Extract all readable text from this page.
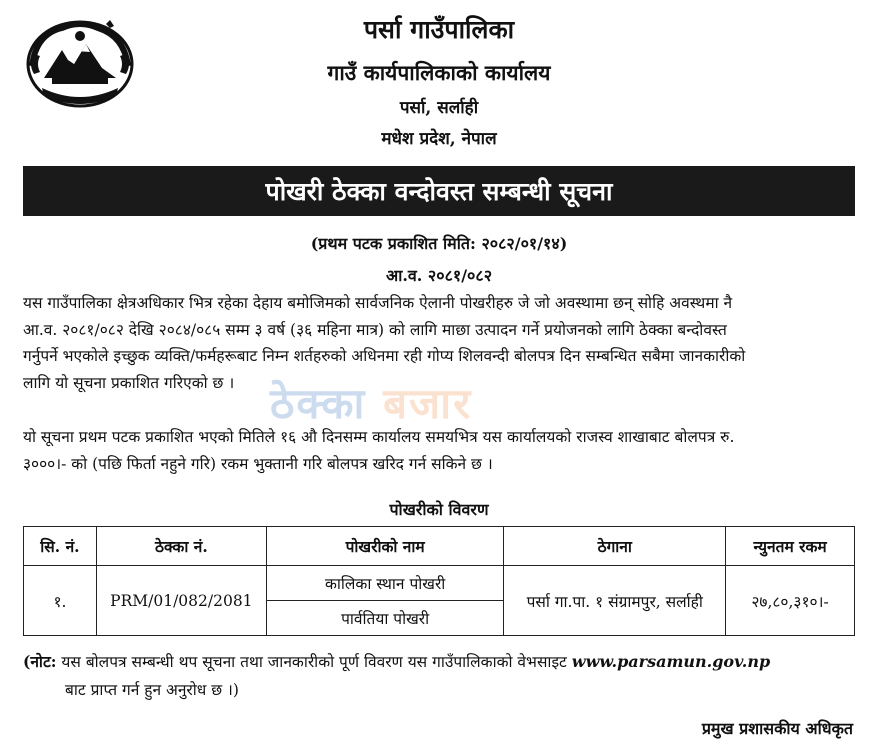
पर्सा गाउँपालिका
गाउँ कार्यपालिकाको कार्यालय
पर्सा, सर्लाही
मधेश प्रदेश, नेपाल
पोखरी ठेक्का वन्दोवस्त सम्बन्धी सूचना
(प्रथम पटक प्रकाशित मिति: २०८२/०१/१४)
आ.व. २०८१/०८२
यस गाउँपालिका क्षेत्रअधिकार भित्र रहेका देहाय बमोजिमको सार्वजनिक ऐलानी पोखरीहरु जे जो अवस्थामा छन् सोहि अवस्थमा नै
आ.व. २०८१/०८२ देखि २०८४/०८५ सम्म ३ वर्ष (३६ महिना मात्र) को लागि माछा उत्पादन गर्ने प्रयोजनको लागि ठेक्का बन्दोवस्त
गर्नुपर्ने भएकोले इच्छुक व्यक्ति/फर्महरूबाट निम्न शर्तहरुको अधिनमा रही गोप्य शिलवन्दी बोलपत्र दिन सम्बन्धित सबैमा जानकारीको
लागि यो सूचना प्रकाशित गरिएको छ । ठेक्का बजार
यो सूचना प्रथम पटक प्रकाशित भएको मितिले १६ औ दिनसम्म कार्यालय समयभित्र यस कार्यालयको राजस्व शाखाबाट बोलपत्र रु.
३०००।- को (पछि फिर्ता नहुने गरि) रकम भुक्तानी गरि बोलपत्र खरिद गर्न सकिने छ ।
पोखरीको विवरण
सि. नं.	ठेक्का नं.	पोखरीको नाम	ठेगाना	न्युनतम रकम
१.	PRM/01/082/2081	कालिका स्थान पोखरी	पर्सा गा.पा. १ संग्रामपुर, सर्लाही	२७,८०,३१०।-
		पार्वतिया पोखरी		
(नोट: यस बोलपत्र सम्बन्धी थप सूचना तथा जानकारीको पूर्ण विवरण यस गाउँपालिकाको वेभसाइट www.parsamun.gov.np
बाट प्राप्त गर्न हुन अनुरोध छ ।)
प्रमुख प्रशासकीय अधिकृत
